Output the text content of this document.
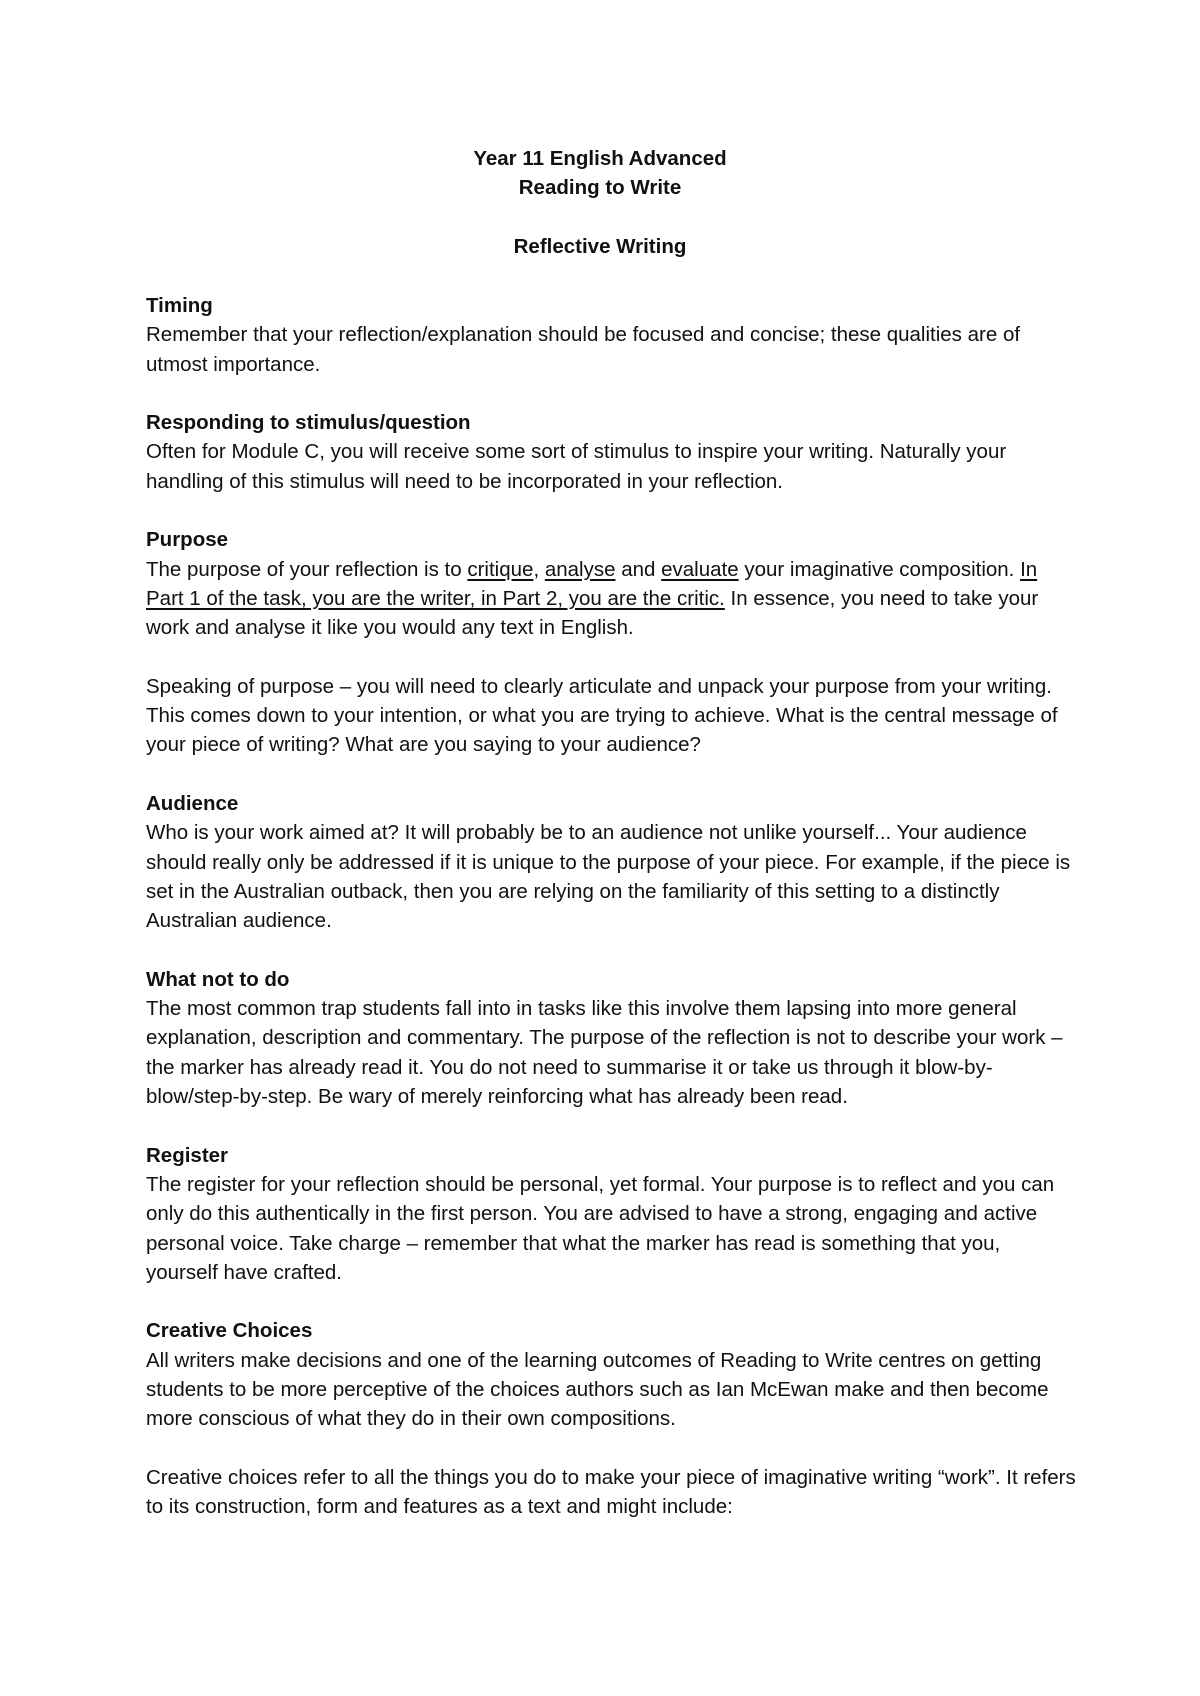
Year 11 English Advanced
Reading to Write
Reflective Writing

Timing

Remember that your reflection/explanation should be focused and concise; these qualities are of utmost importance.

Responding to stimulus/question

Often for Module C, you will receive some sort of stimulus to inspire your writing. Naturally your handling of this stimulus will need to be incorporated in your reflection.

Purpose

The purpose of your reflection is to critique, analyse and evaluate your imaginative composition. In Part 1 of the task, you are the writer, in Part 2, you are the critic. In essence, you need to take your work and analyse it like you would any text in English.

Speaking of purpose – you will need to clearly articulate and unpack your purpose from your writing. This comes down to your intention, or what you are trying to achieve. What is the central message of your piece of writing? What are you saying to your audience?

Audience

Who is your work aimed at? It will probably be to an audience not unlike yourself... Your audience should really only be addressed if it is unique to the purpose of your piece. For example, if the piece is set in the Australian outback, then you are relying on the familiarity of this setting to a distinctly Australian audience.

What not to do

The most common trap students fall into in tasks like this involve them lapsing into more general explanation, description and commentary. The purpose of the reflection is not to describe your work – the marker has already read it. You do not need to summarise it or take us through it blow-by-blow/step-by-step. Be wary of merely reinforcing what has already been read.

Register

The register for your reflection should be personal, yet formal. Your purpose is to reflect and you can only do this authentically in the first person. You are advised to have a strong, engaging and active personal voice. Take charge – remember that what the marker has read is something that you, yourself have crafted.

Creative Choices

All writers make decisions and one of the learning outcomes of Reading to Write centres on getting students to be more perceptive of the choices authors such as Ian McEwan make and then become more conscious of what they do in their own compositions.

Creative choices refer to all the things you do to make your piece of imaginative writing “work”. It refers to its construction, form and features as a text and might include:
